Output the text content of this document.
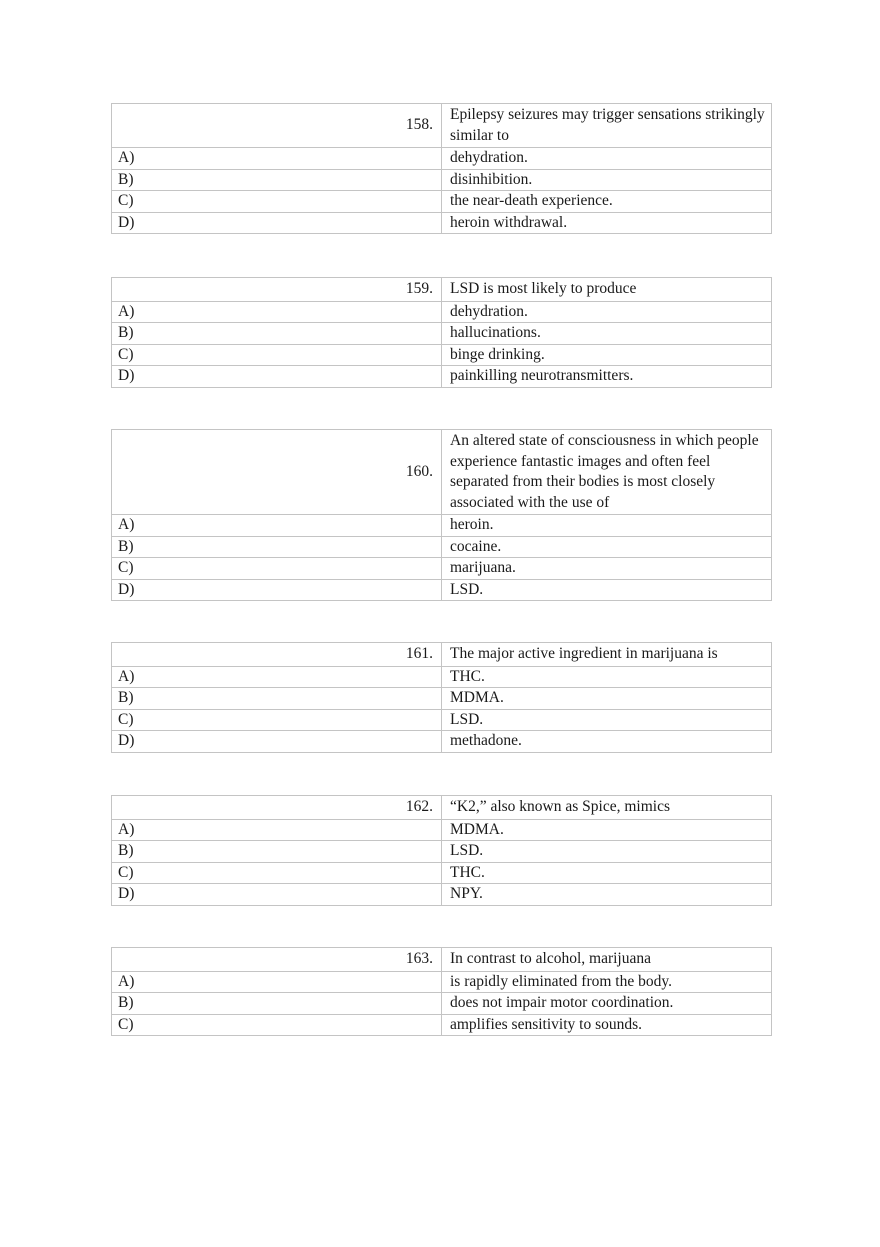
158.	Epilepsy seizures may trigger sensations strikingly similar to
A)	dehydration.
B)	disinhibition.
C)	the near-death experience.
D)	heroin withdrawal.
159.	LSD is most likely to produce
A)	dehydration.
B)	hallucinations.
C)	binge drinking.
D)	painkilling neurotransmitters.
160.	An altered state of consciousness in which people experience fantastic images and often feel separated from their bodies is most closely associated with the use of
A)	heroin.
B)	cocaine.
C)	marijuana.
D)	LSD.
161.	The major active ingredient in marijuana is
A)	THC.
B)	MDMA.
C)	LSD.
D)	methadone.
162.	“K2,” also known as Spice, mimics
A)	MDMA.
B)	LSD.
C)	THC.
D)	NPY.
163.	In contrast to alcohol, marijuana
A)	is rapidly eliminated from the body.
B)	does not impair motor coordination.
C)	amplifies sensitivity to sounds.
